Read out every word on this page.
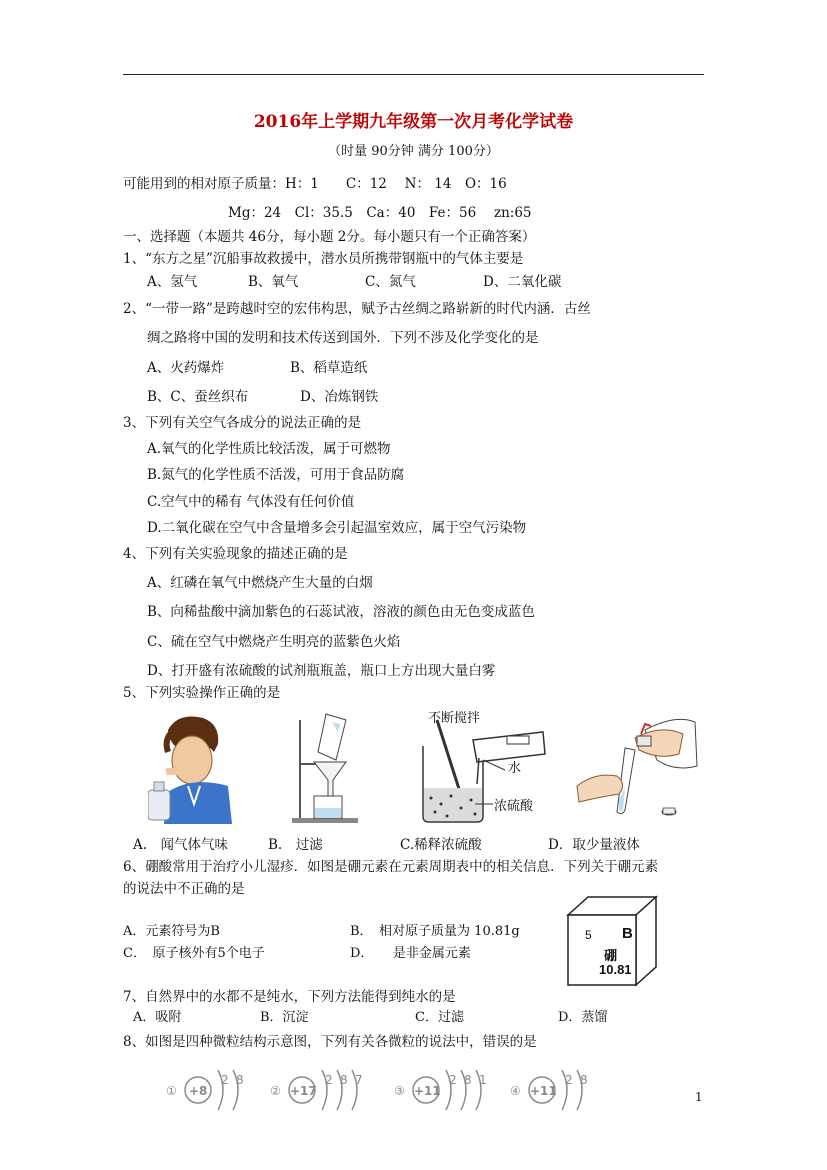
2016年上学期九年级第一次月考化学试卷
（时量 90分钟 满分 100分）
可能用到的相对原子质量：H：1　　C：12　 N： 14　O：16
Mg：24　Cl：35.5　Ca：40　Fe：56　 zn:65
一、选择题（本题共 46分，每小题 2分。每小题只有一个正确答案）
1、“东方之星”沉船事故救援中，潜水员所携带钢瓶中的气体主要是
A、氢气	B、氧气	C、氮气	D、二氧化碳
2、“一带一路”是跨越时空的宏伟构思，赋予古丝绸之路崭新的时代内涵．古丝
绸之路将中国的发明和技术传送到国外．下列不涉及化学变化的是
A、火药爆炸	B、稻草造纸
B、C、蚕丝织布	D、冶炼钢铁
3、下列有关空气各成分的说法正确的是
A.氧气的化学性质比较活泼，属于可燃物
B.氮气的化学性质不活泼，可用于食品防腐
C.空气中的稀有 气体没有任何价值
D.二氧化碳在空气中含量增多会引起温室效应，属于空气污染物
4、下列有关实验现象的描述正确的是
A、红磷在氧气中燃烧产生大量的白烟
B、向稀盐酸中滴加紫色的石蕊试液，溶液的颜色由无色变成蓝色
C、硫在空气中燃烧产生明亮的蓝紫色火焰
D、打开盛有浓硫酸的试剂瓶瓶盖，瓶口上方出现大量白雾
5、下列实验操作正确的是
不断搅拌
水
浓硫酸
A.　闻气体气味	B.　过滤	C.稀释浓硫酸	D．取少量液体
6、硼酸常用于治疗小儿湿疹．如图是硼元素在元素周期表中的相关信息．下列关于硼元素
的说法中不正确的是
A．元素符号为B	B．　相对原子质量为 10.81g
C．　原子核外有5个电子	D．　　是非金属元素
5 B
硼
10.81
7、自然界中的水都不是纯水，下列方法能得到纯水的是
A．吸附	B．沉淀	C．过滤	D．蒸馏
8、如图是四种微粒结构示意图，下列有关各微粒的说法中，错误的是
① +8
2 8
② +17
2 8 7
③ +11
2 8 1
④ +11
2 8
1
